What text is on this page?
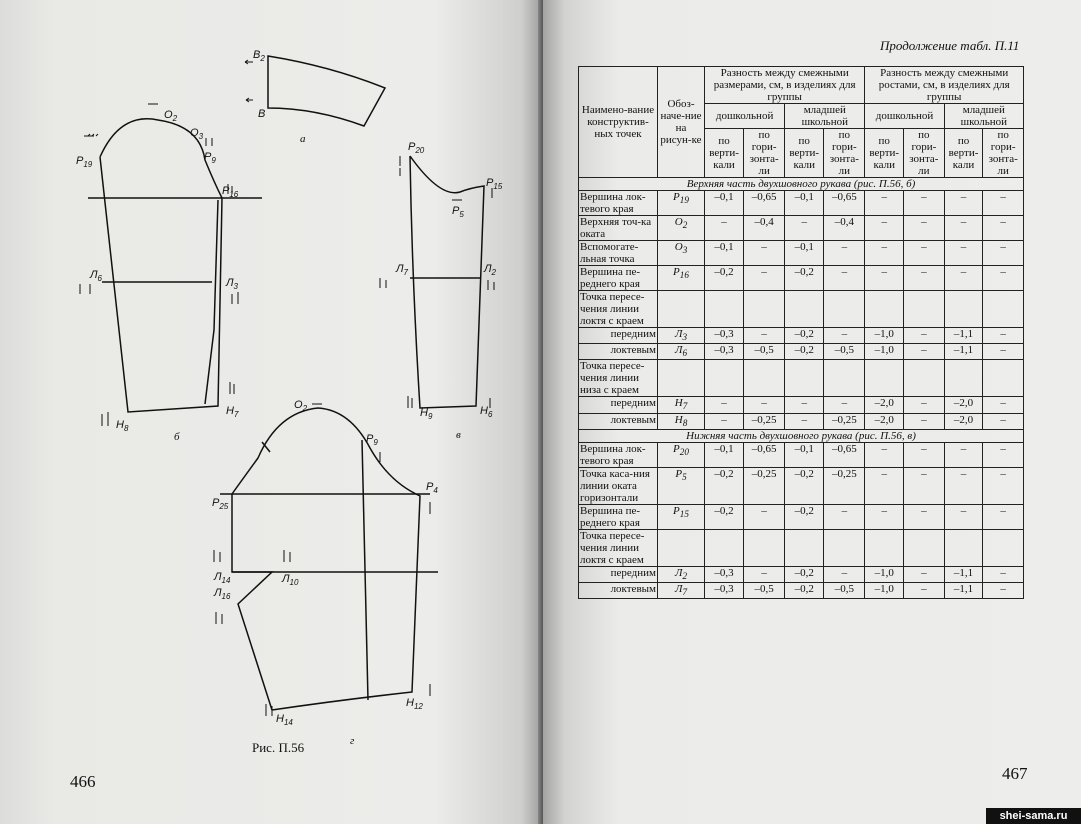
466
Рис. П.56
$В_2$
В
а
$O_2$
$O_3$
$P_{19}$
$P_9$
$P_{16}$
$Л_6$	$Л_3$
$Н_8$
$Н_7$
б
$P_{20}$
$P_{15}$
$P_5$
$Л_7$	$Л_2$
$Н_9$	$Н_6$
в
$O_2$
$P_9$
$P_{25}$
$P_4$
$Л_{14}$	$Л_{10}$
$Л_{16}$
$Н_{14}$
$Н_{12}$
г
Продолжение табл. П.11
Наимено-вание конструктив-ных точек	Обоз-наче-ние на рисун-ке	Разность между смежными размерами, см, в изделиях для группы				Разность между смежными ростами, см, в изделиях для группы			
		дошкольной		младшей школьной		дошкольной		младшей школьной	
		по верти-кали	по гори-зонта-ли	по верти-кали	по гори-зонта-ли	по верти-кали	по гори-зонта-ли	по верти-кали	по гори-зонта-ли
Верхняя часть двухшовного рукава (рис. П.56, б)									
Вершина лок-тевого края	$P_{19}$	–0,1	–0,65	–0,1	–0,65	–	–	–	–
Верхняя точ-ка оката	$O_2$	–	–0,4	–	–0,4	–	–	–	–
Вспомогате-льная точка	$O_3$	–0,1	–	–0,1	–	–	–	–	–
Вершина пе-реднего края	$P_{16}$	–0,2	–	–0,2	–	–	–	–	–
Точка пересе-чения линии локтя с краем									
передним	$Л_3$	–0,3	–	–0,2	–	–1,0	–	–1,1	–
локтевым	$Л_6$	–0,3	–0,5	–0,2	–0,5	–1,0	–	–1,1	–
Точка пересе-чения линии низа с краем									
передним	$Н_7$	–	–	–	–	–2,0	–	–2,0	–
локтевым	$Н_8$	–	–0,25	–	–0,25	–2,0	–	–2,0	–
Нижняя часть двухшовного рукава (рис. П.56, в)									
Вершина лок-тевого края	$P_{20}$	–0,1	–0,65	–0,1	–0,65	–	–	–	–
Точка каса-ния линии оката горизонтали	$P_5$	–0,2	–0,25	–0,2	–0,25	–	–	–	–
Вершина пе-реднего края	$P_{15}$	–0,2	–	–0,2	–	–	–	–	–
Точка пересе-чения линии локтя с краем									
передним	$Л_2$	–0,3	–	–0,2	–	–1,0	–	–1,1	–
локтевым	$Л_7$	–0,3	–0,5	–0,2	–0,5	–1,0	–	–1,1	–
467
shei-sama.ru
